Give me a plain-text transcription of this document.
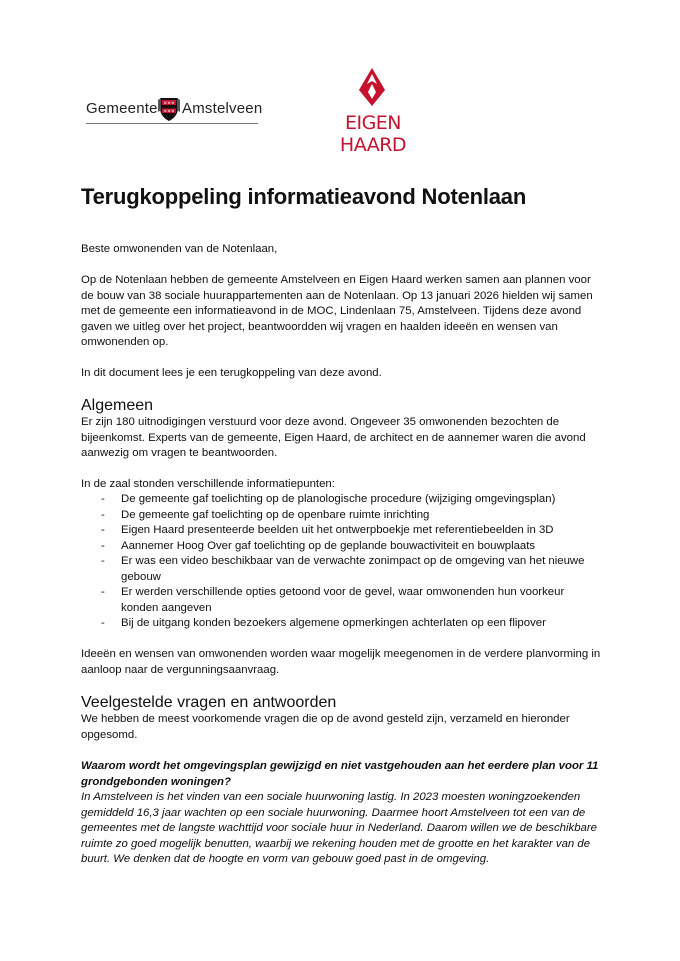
Gemeente ✕✕✕
✕✕✕ Amstelveen
EIGEN HAARD
Terugkoppeling informatieavond Notenlaan

Beste omwonenden van de Notenlaan,

Op de Notenlaan hebben de gemeente Amstelveen en Eigen Haard werken samen aan plannen voor de bouw van 38 sociale huurappartementen aan de Notenlaan. Op 13 januari 2026 hielden wij samen met de gemeente een informatieavond in de MOC, Lindenlaan 75, Amstelveen. Tijdens deze avond gaven we uitleg over het project, beantwoordden wij vragen en haalden ideeën en wensen van omwonenden op.

In dit document lees je een terugkoppeling van deze avond.

Algemeen

Er zijn 180 uitnodigingen verstuurd voor deze avond. Ongeveer 35 omwonenden bezochten de bijeenkomst. Experts van de gemeente, Eigen Haard, de architect en de aannemer waren die avond aanwezig om vragen te beantwoorden.

In de zaal stonden verschillende informatiepunten:

- De gemeente gaf toelichting op de planologische procedure (wijziging omgevingsplan)
- De gemeente gaf toelichting op de openbare ruimte inrichting
- Eigen Haard presenteerde beelden uit het ontwerpboekje met referentiebeelden in 3D
- Aannemer Hoog Over gaf toelichting op de geplande bouwactiviteit en bouwplaats
- Er was een video beschikbaar van de verwachte zonimpact op de omgeving van het nieuwe gebouw
- Er werden verschillende opties getoond voor de gevel, waar omwonenden hun voorkeur konden aangeven
- Bij de uitgang konden bezoekers algemene opmerkingen achterlaten op een flipover

Ideeën en wensen van omwonenden worden waar mogelijk meegenomen in de verdere planvorming in aanloop naar de vergunningsaanvraag.

Veelgestelde vragen en antwoorden

We hebben de meest voorkomende vragen die op de avond gesteld zijn, verzameld en hieronder opgesomd.

Waarom wordt het omgevingsplan gewijzigd en niet vastgehouden aan het eerdere plan voor 11 grondgebonden woningen?

In Amstelveen is het vinden van een sociale huurwoning lastig. In 2023 moesten woningzoekenden gemiddeld 16,3 jaar wachten op een sociale huurwoning. Daarmee hoort Amstelveen tot een van de gemeentes met de langste wachttijd voor sociale huur in Nederland. Daarom willen we de beschikbare ruimte zo goed mogelijk benutten, waarbij we rekening houden met de grootte en het karakter van de buurt. We denken dat de hoogte en vorm van gebouw goed past in de omgeving.
